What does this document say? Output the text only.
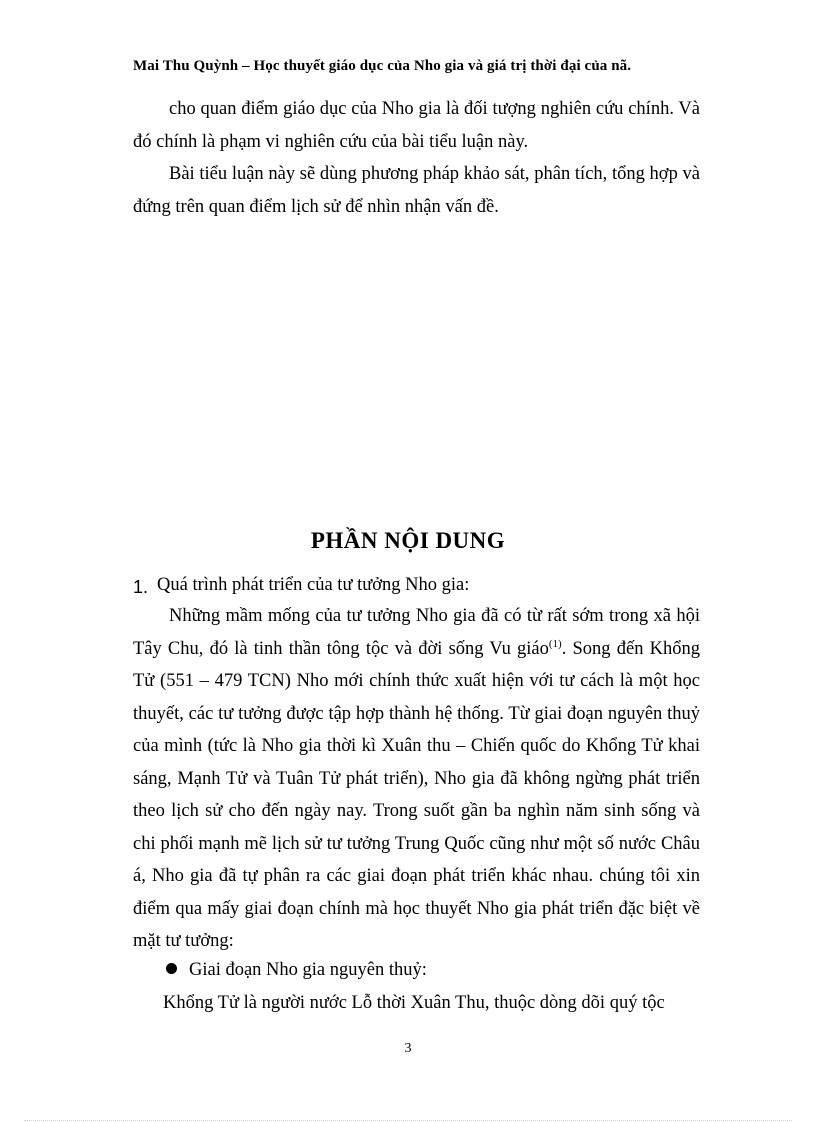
Mai Thu Quỳnh – Học thuyết giáo dục của Nho gia và giá trị thời đại của nã.

cho quan điểm giáo dục của Nho gia là đối tượng nghiên cứu chính. Và đó chính là phạm vi nghiên cứu của bài tiểu luận này.

Bài tiểu luận này sẽ dùng phương pháp khảo sát, phân tích, tổng hợp và đứng trên quan điểm lịch sử để nhìn nhận vấn đề.

PHẦN NỘI DUNG
1. Quá trình phát triển của tư tưởng Nho gia:

Những mầm mống của tư tưởng Nho gia đã có từ rất sớm trong xã hội Tây Chu, đó là tinh thần tông tộc và đời sống Vu giáo$^{(1)}$. Song đến Khổng Tử (551 – 479 TCN) Nho mới chính thức xuất hiện với tư cách là một học thuyết, các tư tưởng được tập hợp thành hệ thống. Từ giai đoạn nguyên thuỷ của mình (tức là Nho gia thời kì Xuân thu – Chiến quốc do Khổng Tử khai sáng, Mạnh Tử và Tuân Tử phát triển), Nho gia đã không ngừng phát triển theo lịch sử cho đến ngày nay. Trong suốt gần ba nghìn năm sinh sống và chi phối mạnh mẽ lịch sử tư tưởng Trung Quốc cũng như một số nước Châu á, Nho gia đã tự phân ra các giai đoạn phát triển khác nhau. chúng tôi xin điểm qua mấy giai đoạn chính mà học thuyết Nho gia phát triển đặc biệt về mặt tư tưởng:

Giai đoạn Nho gia nguyên thuỷ:
Khổng Tử là người nước Lỗ thời Xuân Thu, thuộc dòng dõi quý tộc
3
